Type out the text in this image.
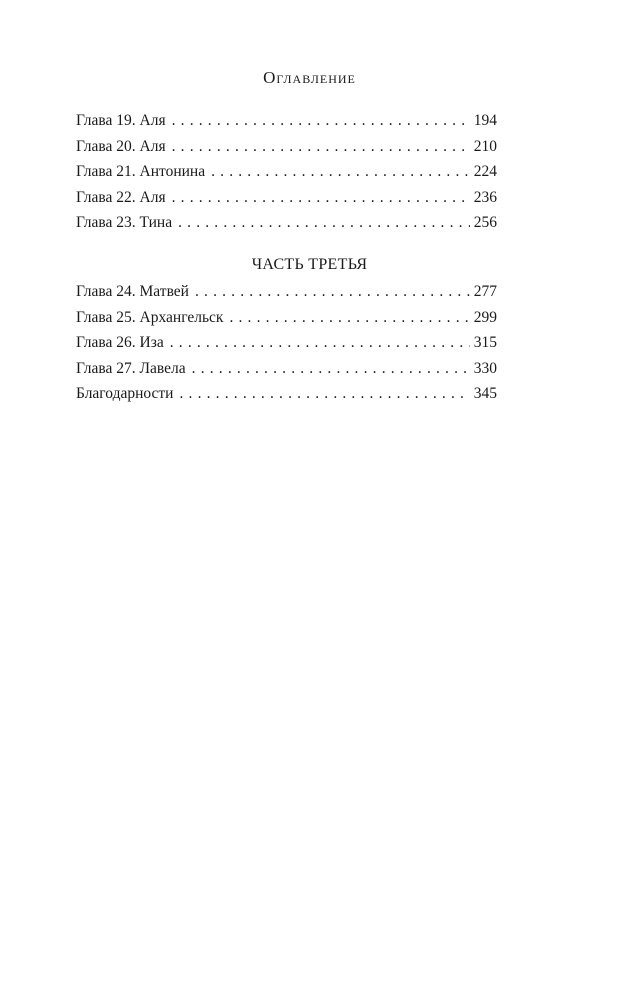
Оглавление
Глава 19. Аля . . .	194
Глава 20. Аля . . .	210
Глава 21. Антонина . . .	224
Глава 22. Аля . . .	236
Глава 23. Тина . . .	256
ЧАСТЬ ТРЕТЬЯ
Глава 24. Матвей . . .	277
Глава 25. Архангельск . . .	299
Глава 26. Иза . . .	315
Глава 27. Лавела . . .	330
Благодарности . . .	345
